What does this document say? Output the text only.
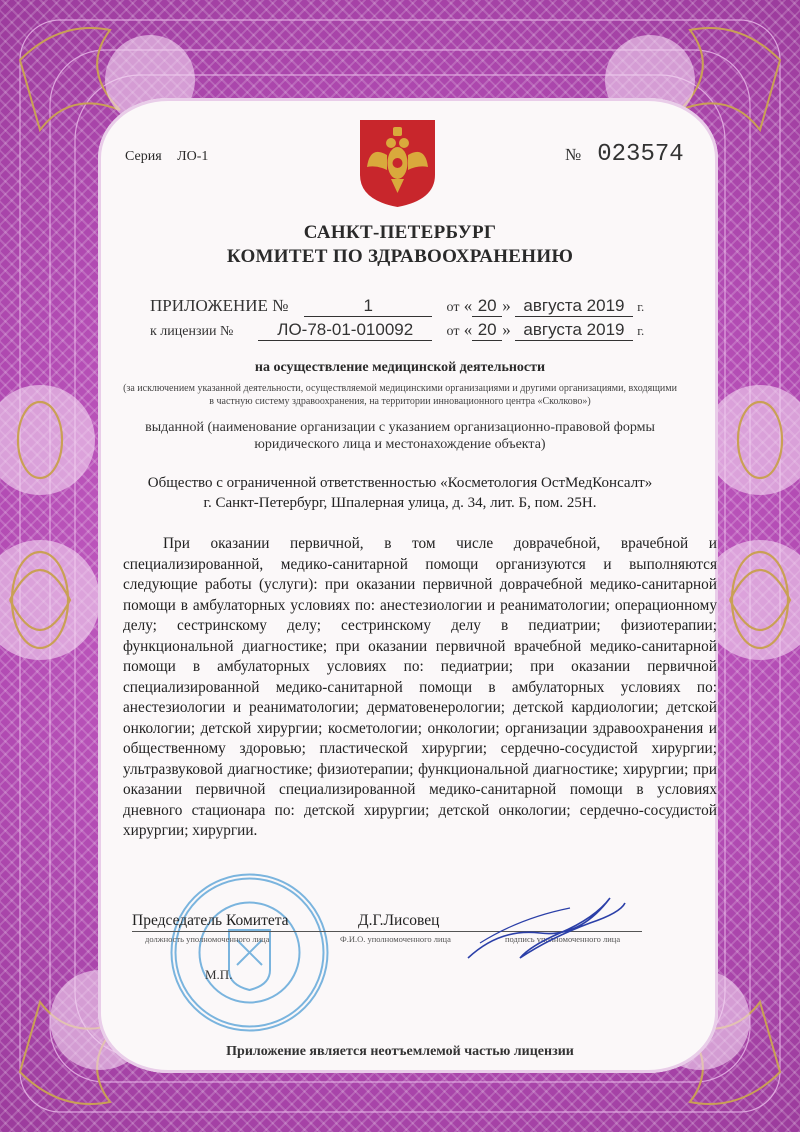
Серия ЛО-1	№ 023574
САНКТ-ПЕТЕРБУРГ
КОМИТЕТ ПО ЗДРАВООХРАНЕНИЮ
ПРИЛОЖЕНИЕ №	1	от « 20 » августа 2019 г.
к лицензии №	ЛО-78-01-010092 от « 20 » августа 2019 г.
на осуществление медицинской деятельности
(за исключением указанной деятельности, осуществляемой медицинскими организациями и другими организациями, входящими в частную систему здравоохранения, на территории инновационного центра «Сколково»)
выданной (наименование организации с указанием организационно-правовой формы юридического лица и местонахождение объекта)
Общество с ограниченной ответственностью «Косметология ОстМедКонсалт»
г. Санкт-Петербург, Шпалерная улица, д. 34, лит. Б, пом. 25Н.
При оказании первичной, в том числе доврачебной, врачебной и специализированной, медико-санитарной помощи организуются и выполняются следующие работы (услуги): при оказании первичной доврачебной медико-санитарной помощи в амбулаторных условиях по: анестезиологии и реаниматологии; операционному делу; сестринскому делу; сестринскому делу в педиатрии; физиотерапии; функциональной диагностике; при оказании первичной врачебной медико-санитарной помощи в амбулаторных условиях по: педиатрии; при оказании первичной специализированной медико-санитарной помощи в амбулаторных условиях по: анестезиологии и реаниматологии; дерматовенерологии; детской кардиологии; детской онкологии; детской хирургии; косметологии; онкологии; организации здравоохранения и общественному здоровью; пластической хирургии; сердечно-сосудистой хирургии; ультразвуковой диагностике; физиотерапии; функциональной диагностике; хирургии; при оказании первичной специализированной медико-санитарной помощи в условиях дневного стационара по: детской хирургии; детской онкологии; сердечно-сосудистой хирургии; хирургии.
Председатель Комитета	Д.Г.Лисовец
должность уполномоченного лица	Ф.И.О. уполномоченного лица	подпись уполномоченного лица
М.П.
Приложение является неотъемлемой частью лицензии
